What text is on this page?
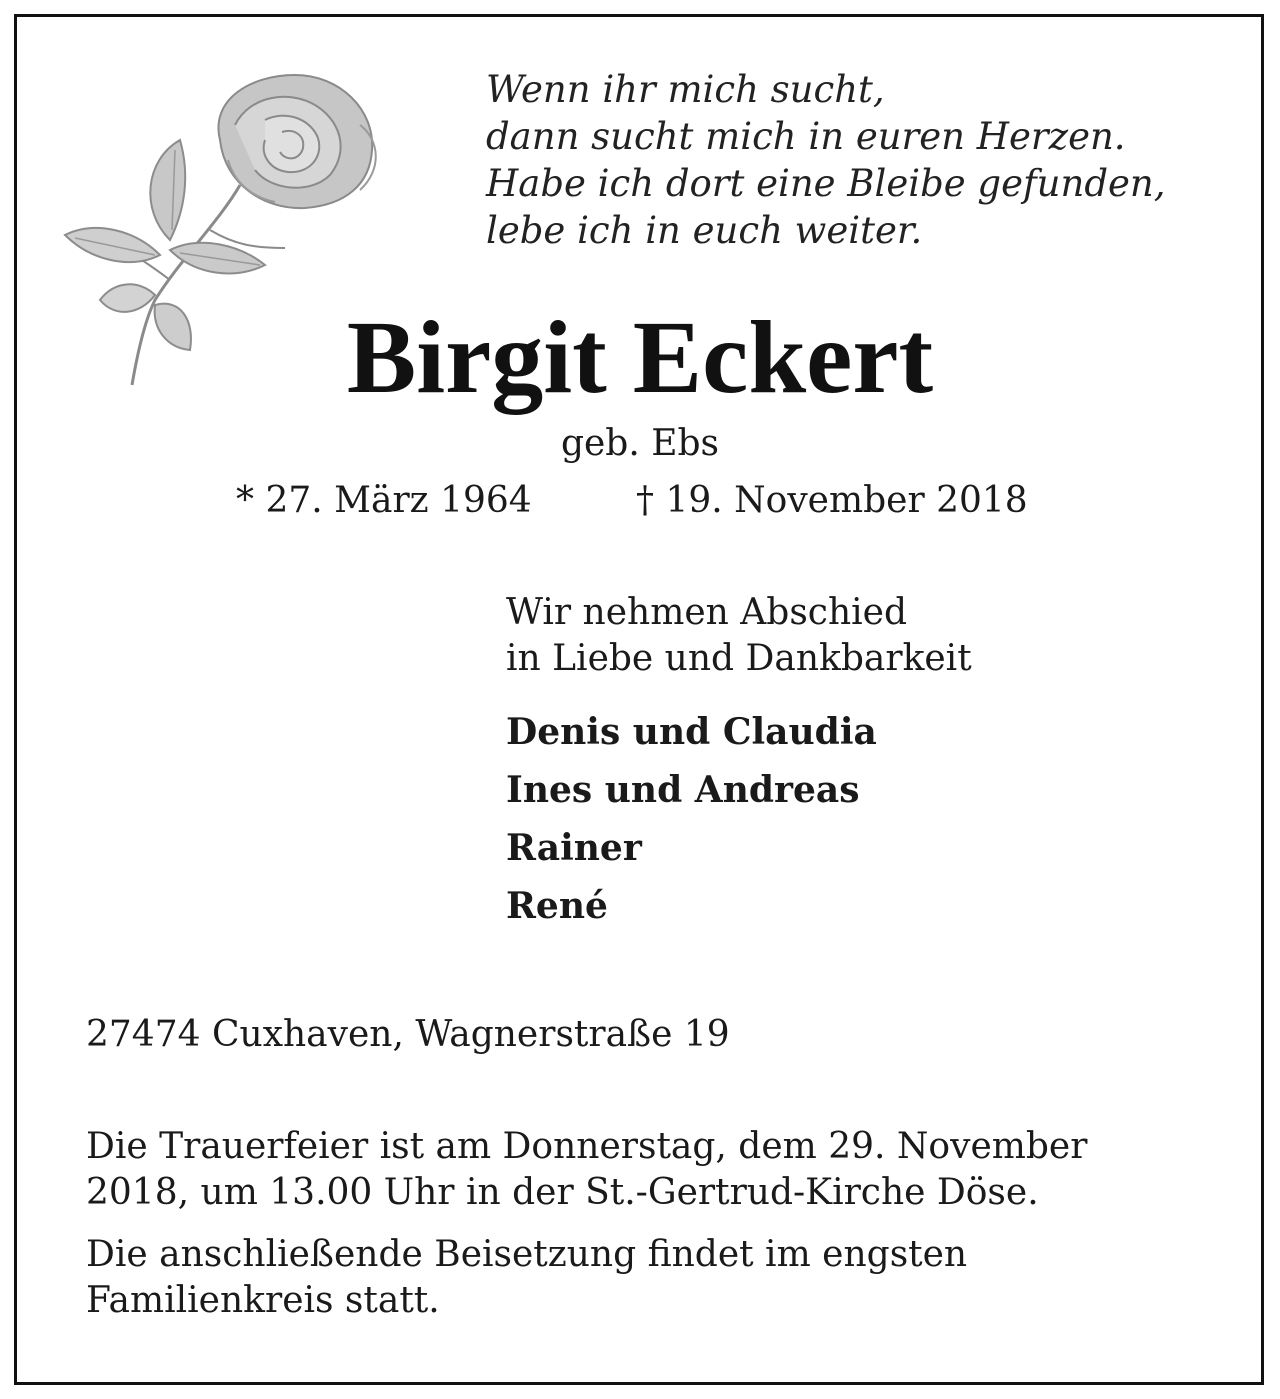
Wenn ihr mich sucht,
dann sucht mich in euren Herzen.
Habe ich dort eine Bleibe gefunden,
lebe ich in euch weiter.
Birgit Eckert
geb. Ebs
* 27. März 1964	† 19. November 2018
Wir nehmen Abschied
in Liebe und Dankbarkeit
Denis und Claudia
Ines und Andreas
Rainer
René
27474 Cuxhaven, Wagnerstraße 19
Die Trauerfeier ist am Donnerstag, dem 29. November
2018, um 13.00 Uhr in der St.-Gertrud-Kirche Döse.
Die anschließende Beisetzung findet im engsten
Familienkreis statt.
